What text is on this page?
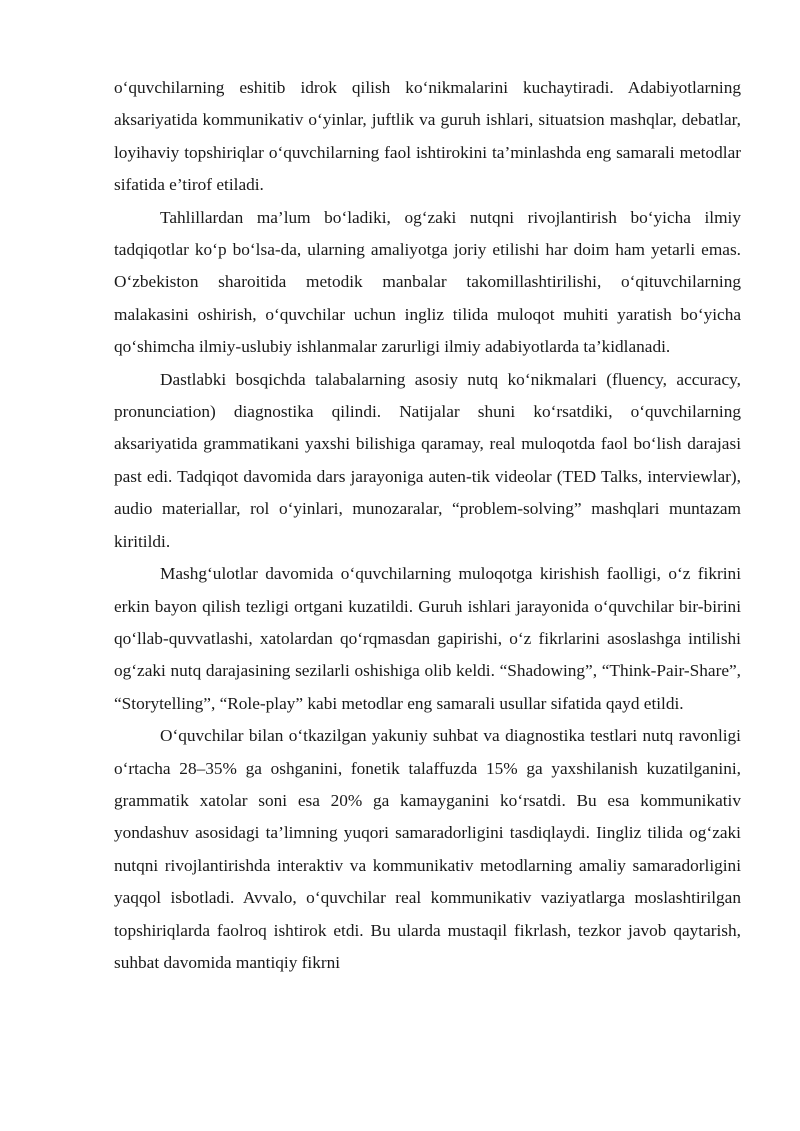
o‘quvchilarning eshitib idrok qilish ko‘nikmalarini kuchaytiradi. Adabiyotlarning aksariyatida kommunikativ o‘yinlar, juftlik va guruh ishlari, situatsion mashqlar, debatlar, loyihaviy topshiriqlar o‘quvchilarning faol ishtirokini ta’minlashda eng samarali metodlar sifatida e’tirof etiladi.

Tahlillardan ma’lum bo‘ladiki, og‘zaki nutqni rivojlantirish bo‘yicha ilmiy tadqiqotlar ko‘p bo‘lsa-da, ularning amaliyotga joriy etilishi har doim ham yetarli emas. O‘zbekiston sharoitida metodik manbalar takomillashtirilishi, o‘qituvchilarning malakasini oshirish, o‘quvchilar uchun ingliz tilida muloqot muhiti yaratish bo‘yicha qo‘shimcha ilmiy-uslubiy ishlanmalar zarurligi ilmiy adabiyotlarda ta’kidlanadi.

Dastlabki bosqichda talabalarning asosiy nutq ko‘nikmalari (fluency, accuracy, pronunciation) diagnostika qilindi. Natijalar shuni ko‘rsatdiki, o‘quvchilarning aksariyatida grammatikani yaxshi bilishiga qaramay, real muloqotda faol bo‘lish darajasi past edi. Tadqiqot davomida dars jarayoniga auten-tik videolar (TED Talks, interviewlar), audio materiallar, rol o‘yinlari, munozaralar, “problem-solving” mashqlari muntazam kiritildi.

Mashg‘ulotlar davomida o‘quvchilarning muloqotga kirishish faolligi, o‘z fikrini erkin bayon qilish tezligi ortgani kuzatildi. Guruh ishlari jarayonida o‘quvchilar bir-birini qo‘llab-quvvatlashi, xatolardan qo‘rqmasdan gapirishi, o‘z fikrlarini asoslashga intilishi og‘zaki nutq darajasining sezilarli oshishiga olib keldi. “Shadowing”, “Think-Pair-Share”, “Storytelling”, “Role-play” kabi metodlar eng samarali usullar sifatida qayd etildi.

O‘quvchilar bilan o‘tkazilgan yakuniy suhbat va diagnostika testlari nutq ravonligi o‘rtacha 28–35% ga oshganini, fonetik talaffuzda 15% ga yaxshilanish kuzatilganini, grammatik xatolar soni esa 20% ga kamayganini ko‘rsatdi. Bu esa kommunikativ yondashuv asosidagi ta’limning yuqori samaradorligini tasdiqlaydi. Iingliz tilida og‘zaki nutqni rivojlantirishda interaktiv va kommunikativ metodlarning amaliy samaradorligini yaqqol isbotladi. Avvalo, o‘quvchilar real kommunikativ vaziyatlarga moslashtirilgan topshiriqlarda faolroq ishtirok etdi. Bu ularda mustaqil fikrlash, tezkor javob qaytarish, suhbat davomida mantiqiy fikrni
